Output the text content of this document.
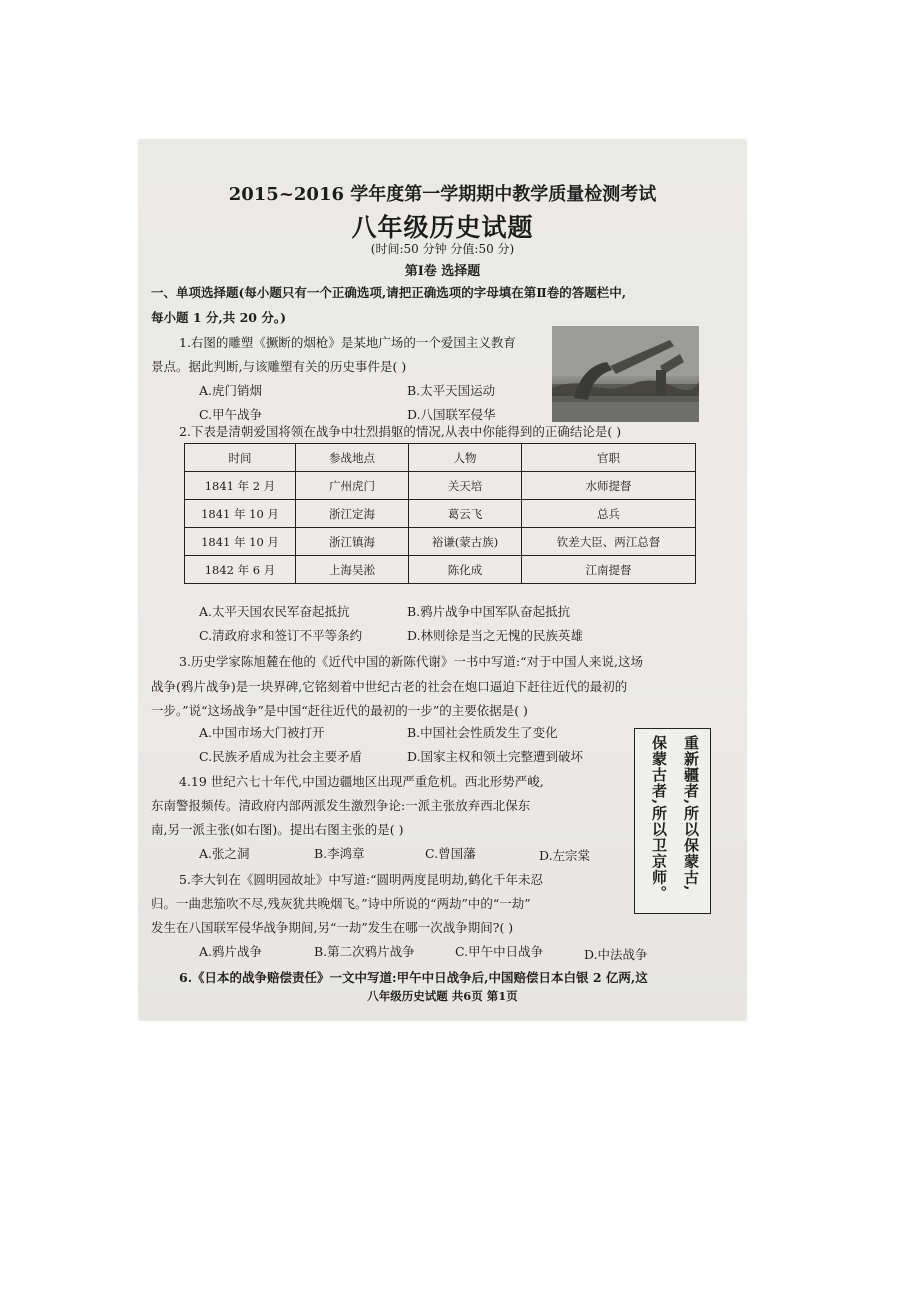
2015~2016 学年度第一学期期中教学质量检测考试
八年级历史试题
(时间:50 分钟 分值:50 分)
第Ⅰ卷 选择题
一、单项选择题(每小题只有一个正确选项,请把正确选项的字母填在第Ⅱ卷的答题栏中,
每小题 1 分,共 20 分。)
1.右图的雕塑《撅断的烟枪》是某地广场的一个爱国主义教育
景点。据此判断,与该雕塑有关的历史事件是( )
A.虎门销烟	B.太平天国运动
C.甲午战争	D.八国联军侵华
2.下表是清朝爱国将领在战争中壮烈捐躯的情况,从表中你能得到的正确结论是( )
时间	参战地点	人物	官职
1841 年 2 月	广州虎门	关天培	水师提督
1841 年 10 月	浙江定海	葛云飞	总兵
1841 年 10 月	浙江镇海	裕谦(蒙古族)	钦差大臣、两江总督
1842 年 6 月	上海吴淞	陈化成	江南提督
A.太平天国农民军奋起抵抗	B.鸦片战争中国军队奋起抵抗
C.清政府求和签订不平等条约	D.林则徐是当之无愧的民族英雄
3.历史学家陈旭麓在他的《近代中国的新陈代谢》一书中写道:“对于中国人来说,这场
战争(鸦片战争)是一块界碑,它铭刻着中世纪古老的社会在炮口逼迫下赶往近代的最初的
一步。”说“这场战争”是中国“赶往近代的最初的一步”的主要依据是( )
A.中国市场大门被打开	B.中国社会性质发生了变化
C.民族矛盾成为社会主要矛盾	D.国家主权和领土完整遭到破坏
4.19 世纪六七十年代,中国边疆地区出现严重危机。西北形势严峻,
东南警报频传。清政府内部两派发生激烈争论:一派主张放弃西北保东
南,另一派主张(如右图)。提出右图主张的是( )
A.张之洞	B.李鸿章	C.曾国藩	D.左宗棠	重新疆者,所以保蒙古,
保蒙古者,所以卫京师。
5.李大钊在《圆明园故址》中写道:“圆明两度昆明劫,鹤化千年未忍
归。一曲悲笳吹不尽,残灰犹共晚烟飞。”诗中所说的“两劫”中的“一劫”
发生在八国联军侵华战争期间,另“一劫”发生在哪一次战争期间?( )
A.鸦片战争	B.第二次鸦片战争	C.甲午中日战争	D.中法战争
6.《日本的战争赔偿责任》一文中写道:甲午中日战争后,中国赔偿日本白银 2 亿两,这
八年级历史试题 共6页 第1页
